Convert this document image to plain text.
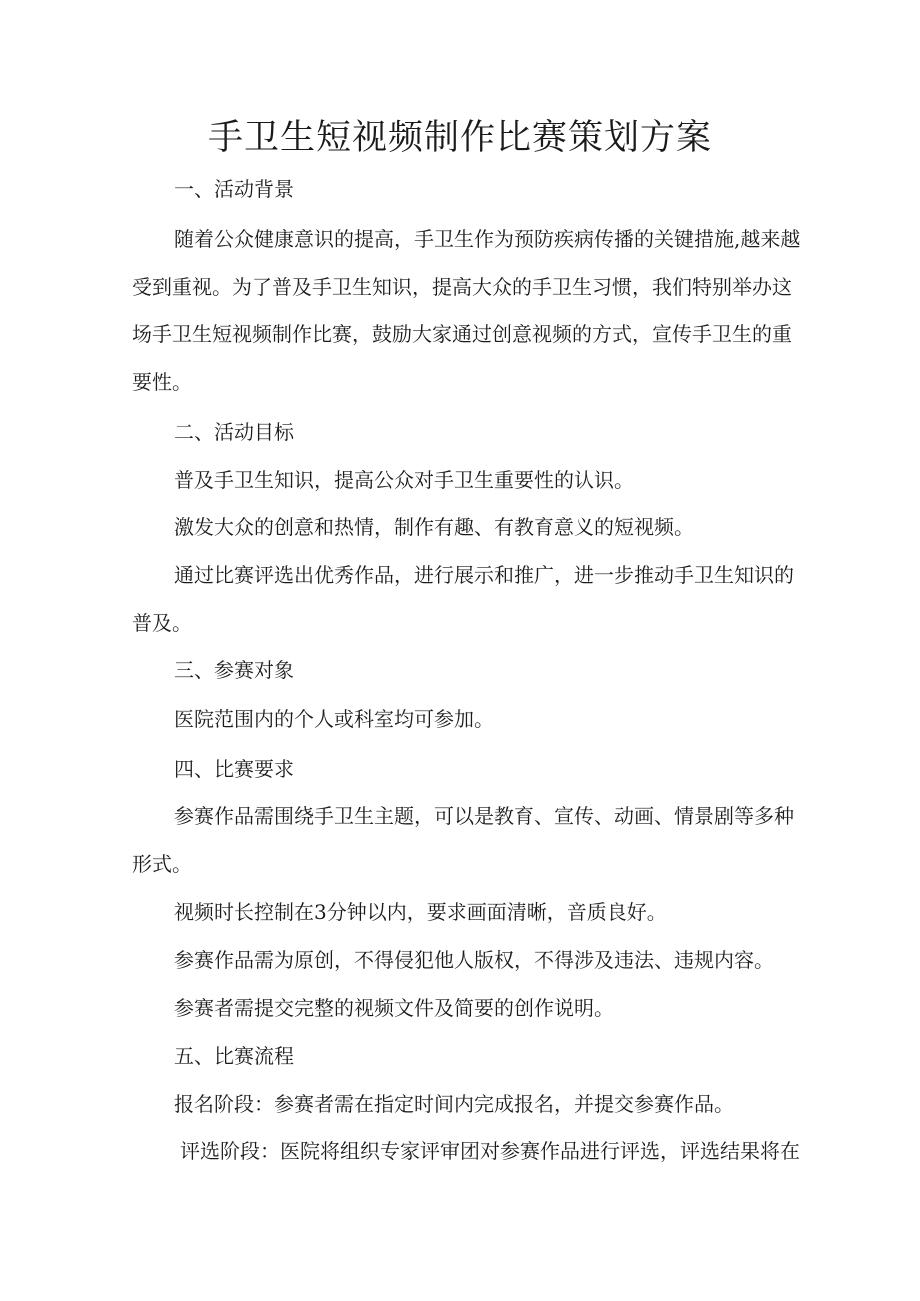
手卫生短视频制作比赛策划方案

一、活动背景

随着公众健康意识的提高，手卫生作为预防疾病传播的关键措施,越来越

受到重视。为了普及手卫生知识，提高大众的手卫生习惯，我们特别举办这

场手卫生短视频制作比赛，鼓励大家通过创意视频的方式，宣传手卫生的重

要性。

二、活动目标

普及手卫生知识，提高公众对手卫生重要性的认识。

激发大众的创意和热情，制作有趣、有教育意义的短视频。

通过比赛评选出优秀作品，进行展示和推广，进一步推动手卫生知识的

普及。

三、参赛对象

医院范围内的个人或科室均可参加。

四、比赛要求

参赛作品需围绕手卫生主题，可以是教育、宣传、动画、情景剧等多种

形式。

视频时长控制在3分钟以内，要求画面清晰，音质良好。

参赛作品需为原创，不得侵犯他人版权，不得涉及违法、违规内容。

参赛者需提交完整的视频文件及简要的创作说明。

五、比赛流程

报名阶段：参赛者需在指定时间内完成报名，并提交参赛作品。

评选阶段：医院将组织专家评审团对参赛作品进行评选，评选结果将在
